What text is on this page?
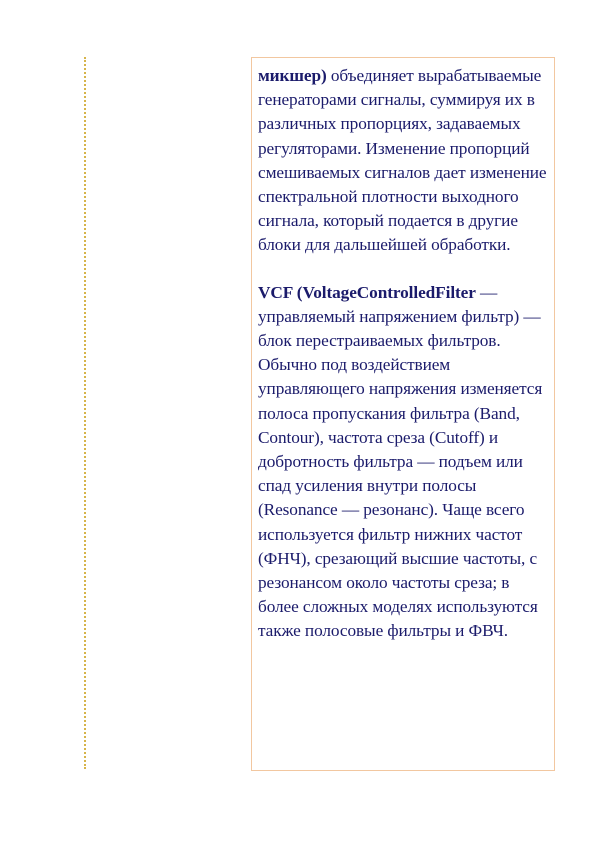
микшер) объединяет вырабатываемые генераторами сигналы, суммируя их в различных пропорциях, задаваемых регуляторами. Изменение пропорций смешиваемых сигналов дает изменение спектральной плотности выходного сигнала, который подается в другие блоки для дальшейшей обработки.

VCF (VoltageControlledFilter — управляемый напряжением фильтр) — блок перестраиваемых фильтров. Обычно под воздействием управляющего напряжения изменяется полоса пропускания фильтра (Band, Contour), частота среза (Cutoff) и добротность фильтра — подъем или спад усиления внутри полосы (Resonance — резонанс). Чаще всего используется фильтр нижних частот (ФНЧ), срезающий высшие частоты, с резонансом около частоты среза; в более сложных моделях используются также полосовые фильтры и ФВЧ.
